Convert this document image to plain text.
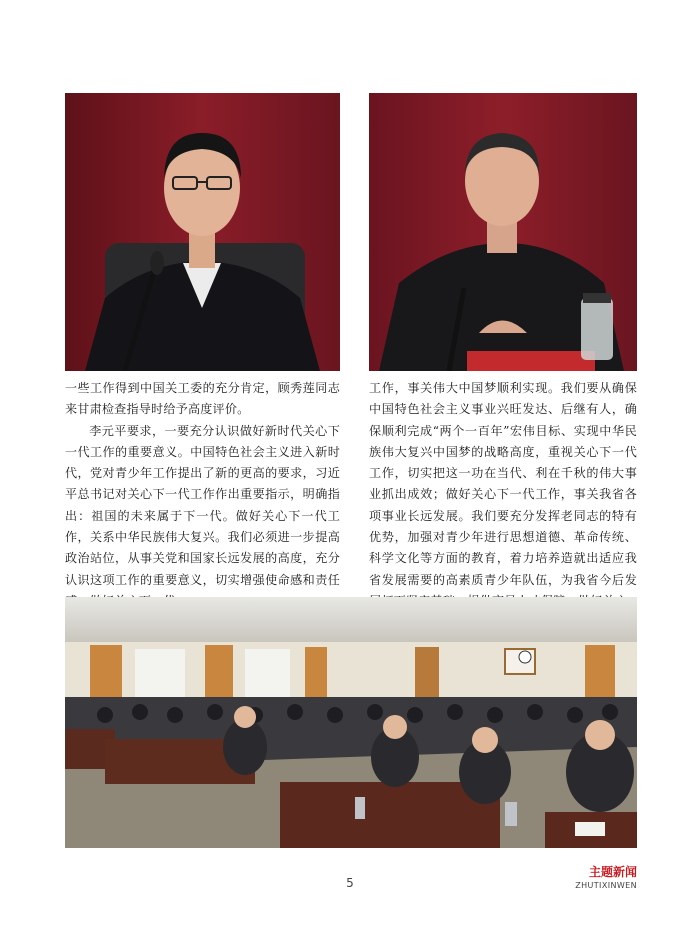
一些工作得到中国关工委的充分肯定，顾秀莲同志来甘肃检查指导时给予高度评价。

李元平要求，一要充分认识做好新时代关心下一代工作的重要意义。中国特色社会主义进入新时代，党对青少年工作提出了新的更高的要求，习近平总书记对关心下一代工作作出重要指示，明确指出：祖国的未来属于下一代。做好关心下一代工作，关系中华民族伟大复兴。我们必须进一步提高政治站位，从事关党和国家长远发展的高度，充分认识这项工作的重要意义，切实增强使命感和责任

工作，事关伟大中国梦顺利实现。我们要从确保中国特色社会主义事业兴旺发达、后继有人，确保顺利完成“两个一百年”宏伟目标、实现中华民族伟大复兴中国梦的战略高度，重视关心下一代工作，切实把这一功在当代、利在千秋的伟大事业抓出成效；做好关心下一代工作，事关我省各项事业长远发展。我们要充分发挥老同志的特有优势，加强对青少年进行思想道德、革命传统、科学文化等方面的教育，着力培养造就出适应我省发展需要的高素质青少年队伍，为我省今后发

5
主题新闻
ZHUTIXINWEN
